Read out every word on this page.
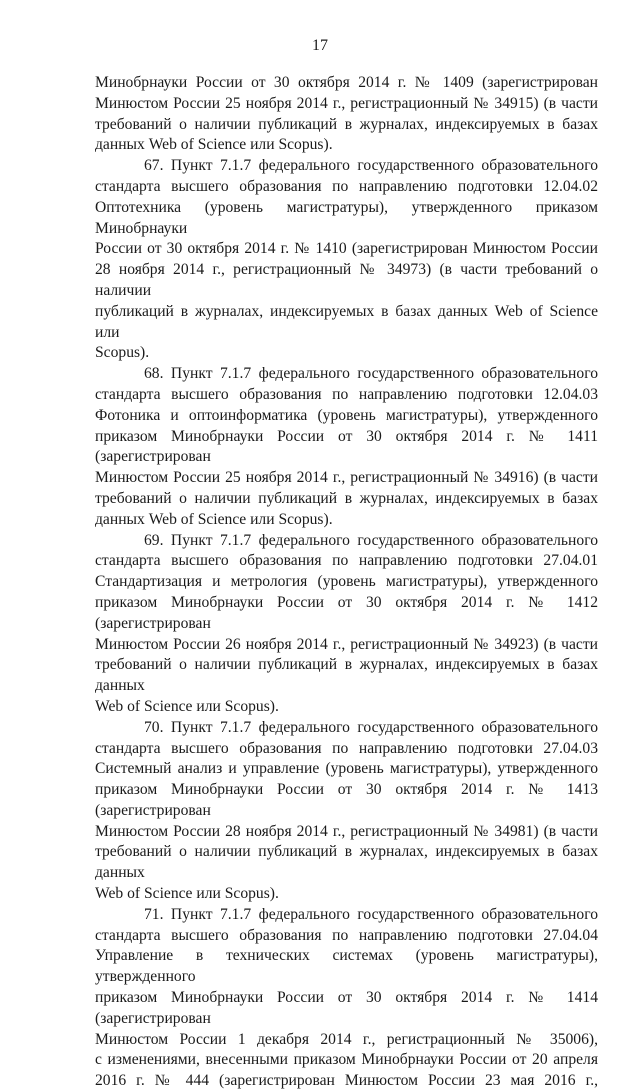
17
Минобрнауки России от 30 октября 2014 г. № 1409 (зарегистрирован
Минюстом России 25 ноября 2014 г., регистрационный № 34915) (в части
требований о наличии публикаций в журналах, индексируемых в базах
данных Web of Science или Scopus).
67. Пункт 7.1.7 федерального государственного образовательного
стандарта высшего образования по направлению подготовки 12.04.02
Оптотехника (уровень магистратуры), утвержденного приказом Минобрнауки
России от 30 октября 2014 г. № 1410 (зарегистрирован Минюстом России
28 ноября 2014 г., регистрационный № 34973) (в части требований о наличии
публикаций в журналах, индексируемых в базах данных Web of Science или
Scopus).
68. Пункт 7.1.7 федерального государственного образовательного
стандарта высшего образования по направлению подготовки 12.04.03
Фотоника и оптоинформатика (уровень магистратуры), утвержденного
приказом Минобрнауки России от 30 октября 2014 г. № 1411 (зарегистрирован
Минюстом России 25 ноября 2014 г., регистрационный № 34916) (в части
требований о наличии публикаций в журналах, индексируемых в базах
данных Web of Science или Scopus).
69. Пункт 7.1.7 федерального государственного образовательного
стандарта высшего образования по направлению подготовки 27.04.01
Стандартизация и метрология (уровень магистратуры), утвержденного
приказом Минобрнауки России от 30 октября 2014 г. № 1412 (зарегистрирован
Минюстом России 26 ноября 2014 г., регистрационный № 34923) (в части
требований о наличии публикаций в журналах, индексируемых в базах данных
Web of Science или Scopus).
70. Пункт 7.1.7 федерального государственного образовательного
стандарта высшего образования по направлению подготовки 27.04.03
Системный анализ и управление (уровень магистратуры), утвержденного
приказом Минобрнауки России от 30 октября 2014 г. № 1413 (зарегистрирован
Минюстом России 28 ноября 2014 г., регистрационный № 34981) (в части
требований о наличии публикаций в журналах, индексируемых в базах данных
Web of Science или Scopus).
71. Пункт 7.1.7 федерального государственного образовательного
стандарта высшего образования по направлению подготовки 27.04.04
Управление в технических системах (уровень магистратуры), утвержденного
приказом Минобрнауки России от 30 октября 2014 г. № 1414 (зарегистрирован
Минюстом России 1 декабря 2014 г., регистрационный № 35006),
с изменениями, внесенными приказом Минобрнауки России от 20 апреля
2016 г. № 444 (зарегистрирован Минюстом России 23 мая 2016 г.,
